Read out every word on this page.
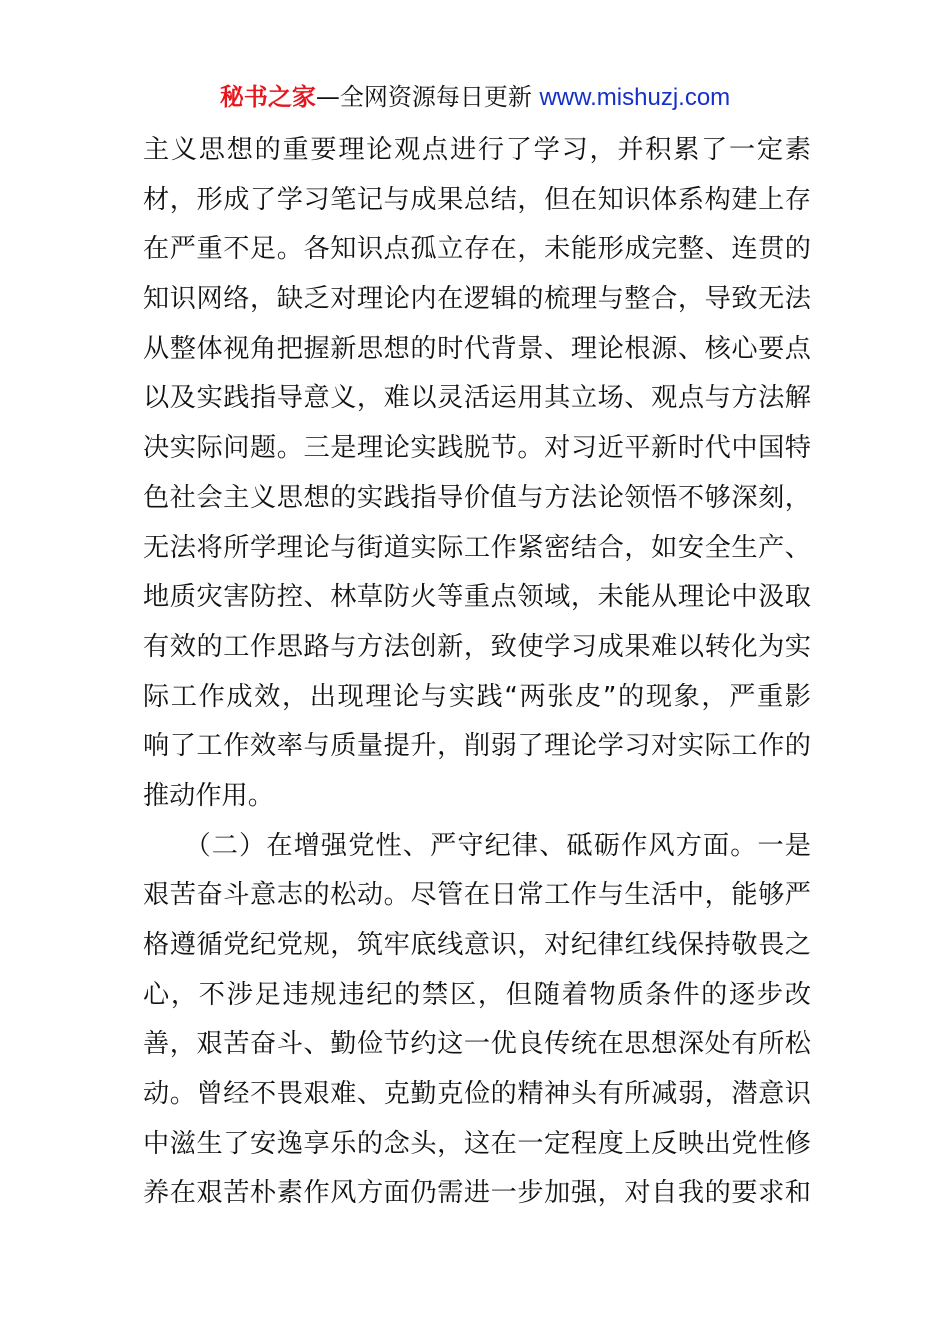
秘书之家—全网资源每日更新 www.mishuzj.com
主义思想的重要理论观点进行了学习，并积累了一定素
材，形成了学习笔记与成果总结，但在知识体系构建上存
在严重不足。各知识点孤立存在，未能形成完整、连贯的
知识网络，缺乏对理论内在逻辑的梳理与整合，导致无法
从整体视角把握新思想的时代背景、理论根源、核心要点
以及实践指导意义，难以灵活运用其立场、观点与方法解
决实际问题。三是理论实践脱节。对习近平新时代中国特
色社会主义思想的实践指导价值与方法论领悟不够深刻，
无法将所学理论与街道实际工作紧密结合，如安全生产、
地质灾害防控、林草防火等重点领域，未能从理论中汲取
有效的工作思路与方法创新，致使学习成果难以转化为实
际工作成效，出现理论与实践“两张皮”的现象，严重影
响了工作效率与质量提升，削弱了理论学习对实际工作的
推动作用。
　　（二）在增强党性、严守纪律、砥砺作风方面。一是
艰苦奋斗意志的松动。尽管在日常工作与生活中，能够严
格遵循党纪党规，筑牢底线意识，对纪律红线保持敬畏之
心，不涉足违规违纪的禁区，但随着物质条件的逐步改
善，艰苦奋斗、勤俭节约这一优良传统在思想深处有所松
动。曾经不畏艰难、克勤克俭的精神头有所减弱，潜意识
中滋生了安逸享乐的念头，这在一定程度上反映出党性修
养在艰苦朴素作风方面仍需进一步加强，对自我的要求和
